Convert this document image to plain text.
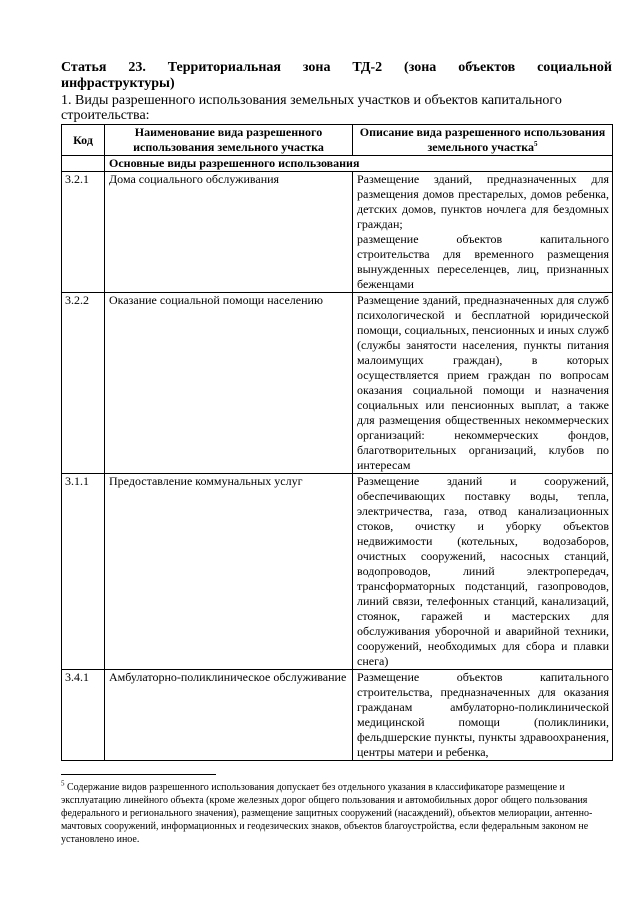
Статья 23. Территориальная зона ТД-2 (зона объектов социальной
инфраструктуры)
1. Виды разрешенного использования земельных участков и объектов капитального строительства:
Код	Наименование вида разрешенного использования земельного участка	Описание вида разрешенного использования земельного участка$^5$
	Основные виды разрешенного использования	
3.2.1	Дома социального обслуживания	Размещение зданий, предназначенных для размещения домов престарелых, домов ребенка, детских домов, пунктов ночлега для бездомных граждан;
размещение объектов капитального строительства для временного размещения вынужденных переселенцев, лиц, признанных беженцами
3.2.2	Оказание социальной помощи населению	Размещение зданий, предназначенных для служб психологической и бесплатной юридической помощи, социальных, пенсионных и иных служб (службы занятости населения, пункты питания малоимущих граждан), в которых осуществляется прием граждан по вопросам оказания социальной помощи и назначения социальных или пенсионных выплат, а также для размещения общественных некоммерческих организаций: некоммерческих фондов, благотворительных организаций, клубов по интересам
3.1.1	Предоставление коммунальных услуг	Размещение зданий и сооружений, обеспечивающих поставку воды, тепла, электричества, газа, отвод канализационных стоков, очистку и уборку объектов недвижимости (котельных, водозаборов, очистных сооружений, насосных станций, водопроводов, линий электропередач, трансформаторных подстанций, газопроводов, линий связи, телефонных станций, канализаций, стоянок, гаражей и мастерских для обслуживания уборочной и аварийной техники, сооружений, необходимых для сбора и плавки снега)
3.4.1	Амбулаторно-поликлиническое обслуживание	Размещение объектов капитального строительства, предназначенных для оказания гражданам амбулаторно-поликлинической медицинской помощи (поликлиники, фельдшерские пункты, пункты здравоохранения, центры матери и ребенка,
$^5$ Содержание видов разрешенного использования допускает без отдельного указания в классификаторе размещение и эксплуатацию линейного объекта (кроме железных дорог общего пользования и автомобильных дорог общего пользования федерального и регионального значения), размещение защитных сооружений (насаждений), объектов мелиорации, антенно-мачтовых сооружений, информационных и геодезических знаков, объектов благоустройства, если федеральным законом не установлено иное.
